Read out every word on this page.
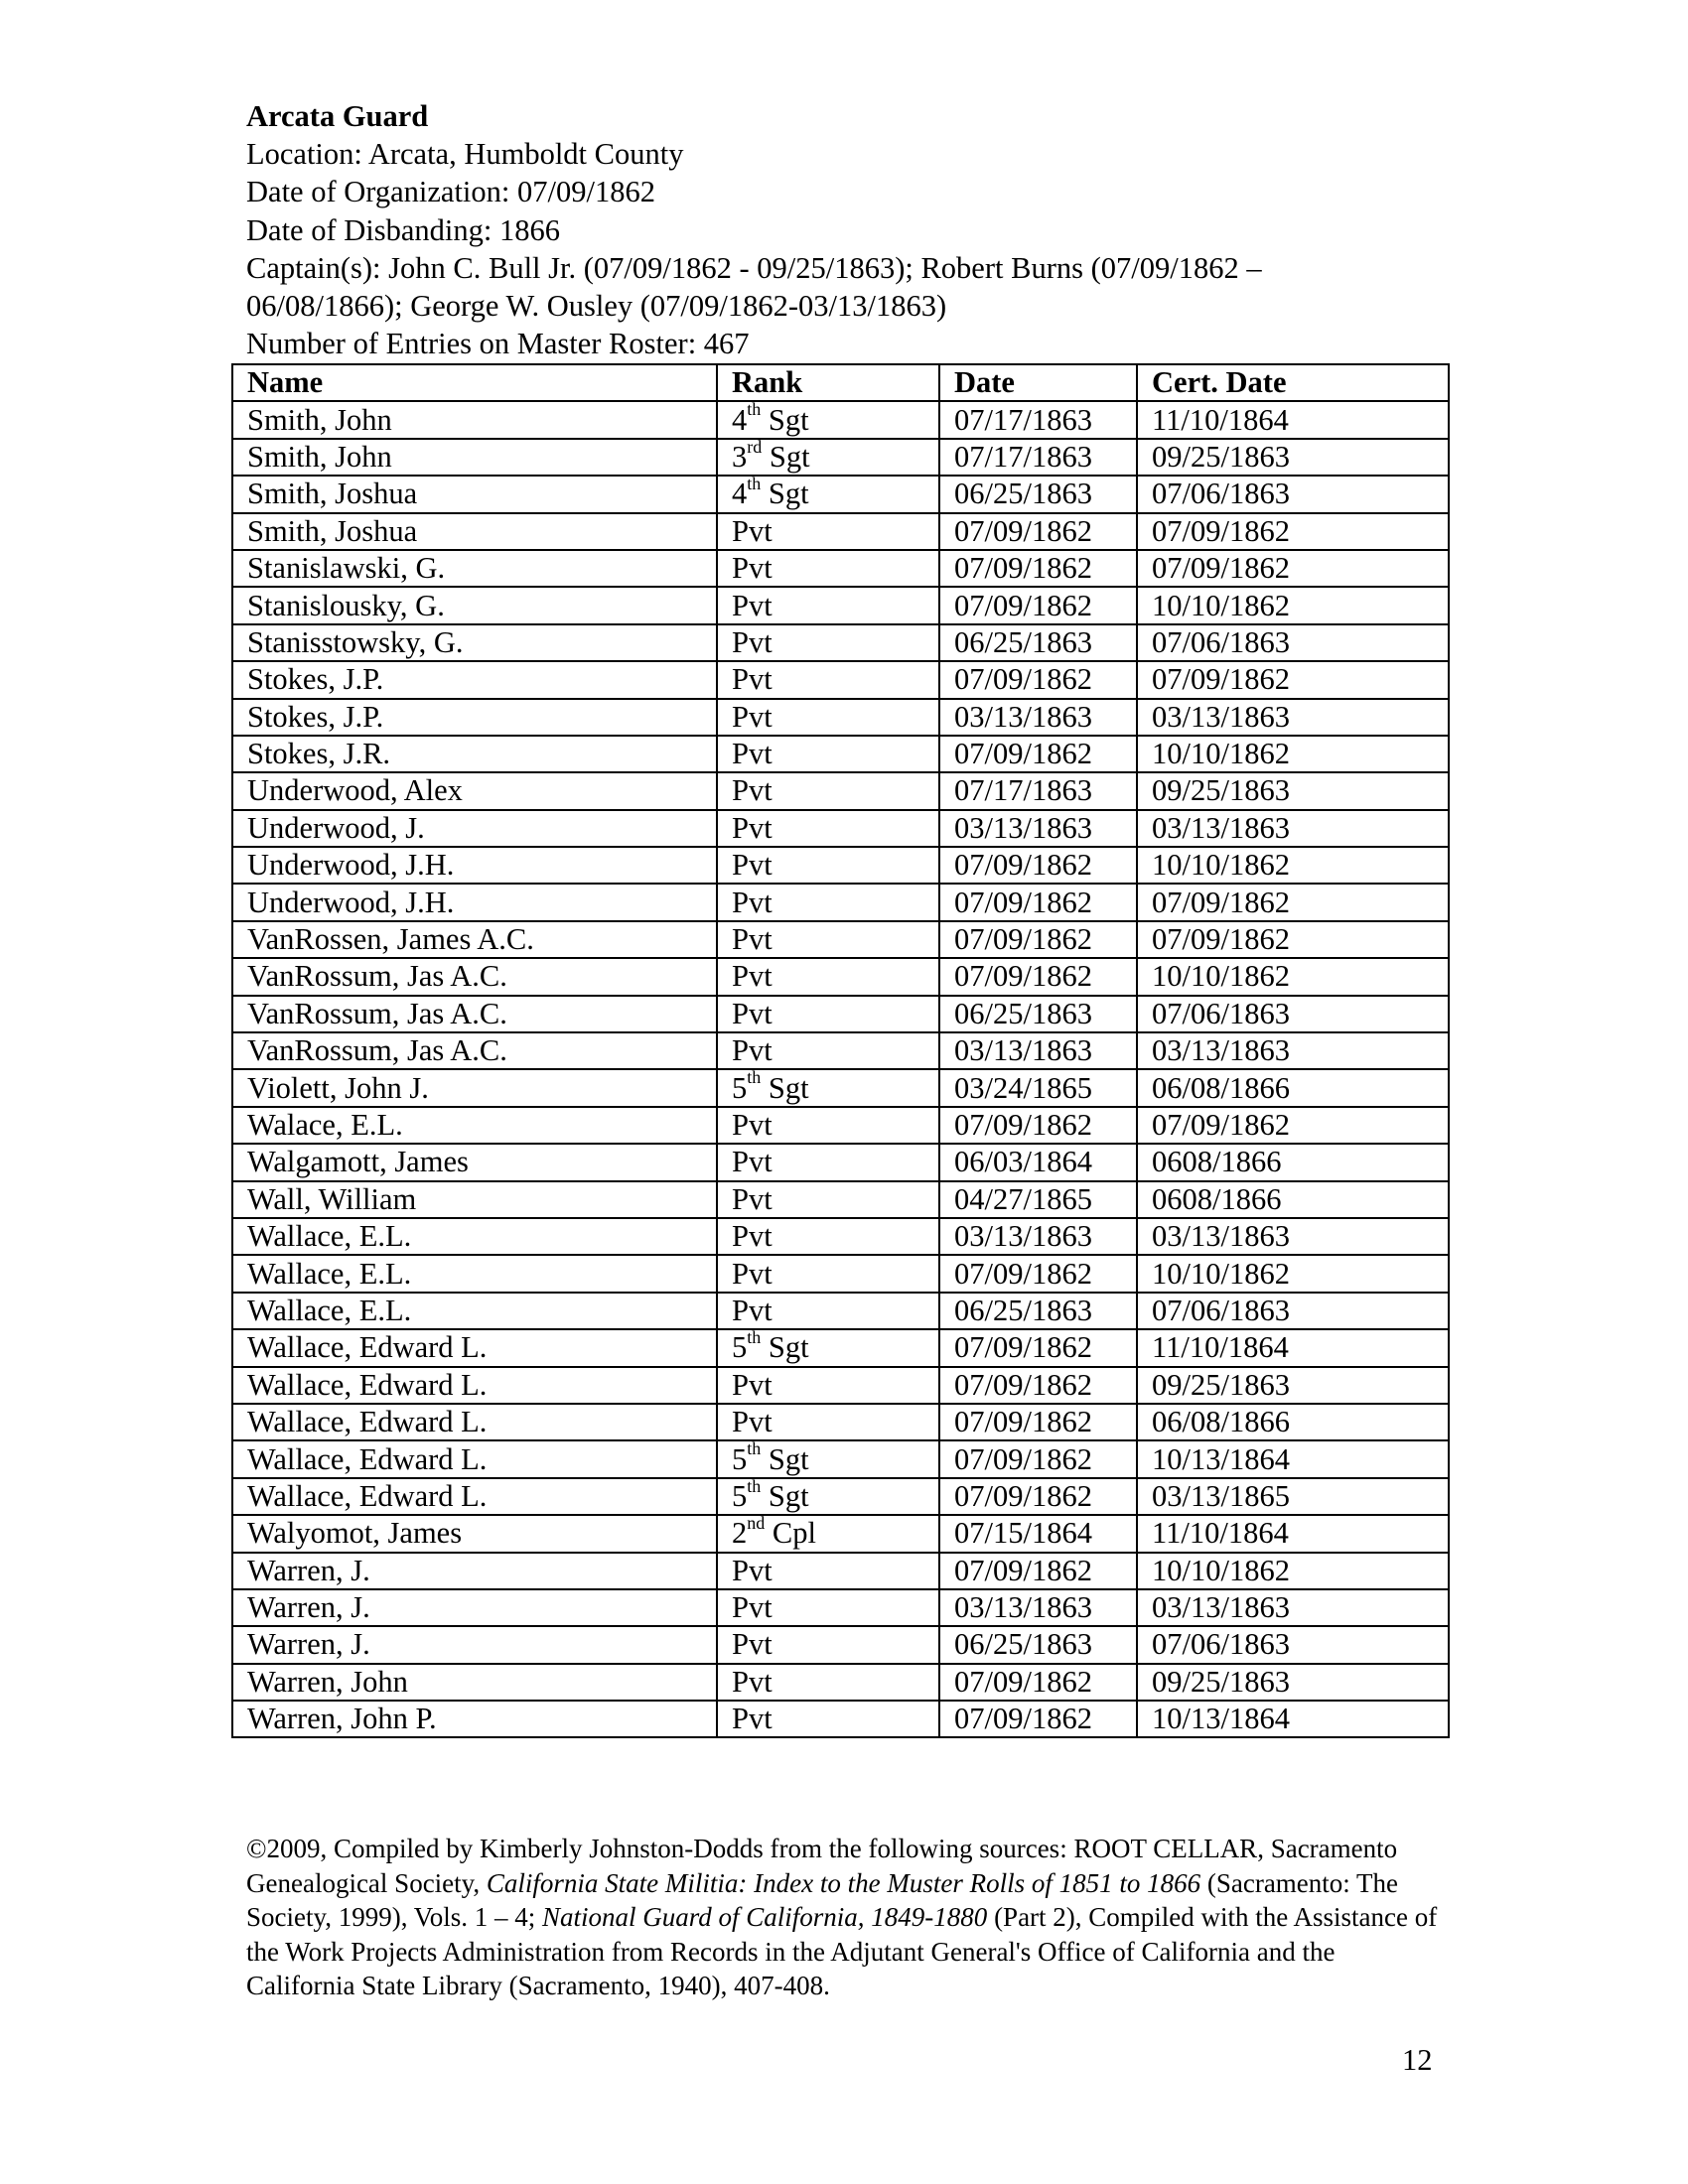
Arcata Guard
Location: Arcata, Humboldt County
Date of Organization: 07/09/1862
Date of Disbanding: 1866
Captain(s): John C. Bull Jr. (07/09/1862 - 09/25/1863); Robert Burns (07/09/1862 –
06/08/1866); George W. Ousley (07/09/1862-03/13/1863)
Number of Entries on Master Roster: 467
Name	Rank	Date	Cert. Date
Smith, John	4th Sgt	07/17/1863	11/10/1864
Smith, John	3rd Sgt	07/17/1863	09/25/1863
Smith, Joshua	4th Sgt	06/25/1863	07/06/1863
Smith, Joshua	Pvt	07/09/1862	07/09/1862
Stanislawski, G.	Pvt	07/09/1862	07/09/1862
Stanislousky, G.	Pvt	07/09/1862	10/10/1862
Stanisstowsky, G.	Pvt	06/25/1863	07/06/1863
Stokes, J.P.	Pvt	07/09/1862	07/09/1862
Stokes, J.P.	Pvt	03/13/1863	03/13/1863
Stokes, J.R.	Pvt	07/09/1862	10/10/1862
Underwood, Alex	Pvt	07/17/1863	09/25/1863
Underwood, J.	Pvt	03/13/1863	03/13/1863
Underwood, J.H.	Pvt	07/09/1862	10/10/1862
Underwood, J.H.	Pvt	07/09/1862	07/09/1862
VanRossen, James A.C.	Pvt	07/09/1862	07/09/1862
VanRossum, Jas A.C.	Pvt	07/09/1862	10/10/1862
VanRossum, Jas A.C.	Pvt	06/25/1863	07/06/1863
VanRossum, Jas A.C.	Pvt	03/13/1863	03/13/1863
Violett, John J.	5th Sgt	03/24/1865	06/08/1866
Walace, E.L.	Pvt	07/09/1862	07/09/1862
Walgamott, James	Pvt	06/03/1864	0608/1866
Wall, William	Pvt	04/27/1865	0608/1866
Wallace, E.L.	Pvt	03/13/1863	03/13/1863
Wallace, E.L.	Pvt	07/09/1862	10/10/1862
Wallace, E.L.	Pvt	06/25/1863	07/06/1863
Wallace, Edward L.	5th Sgt	07/09/1862	11/10/1864
Wallace, Edward L.	Pvt	07/09/1862	09/25/1863
Wallace, Edward L.	Pvt	07/09/1862	06/08/1866
Wallace, Edward L.	5th Sgt	07/09/1862	10/13/1864
Wallace, Edward L.	5th Sgt	07/09/1862	03/13/1865
Walyomot, James	2nd Cpl	07/15/1864	11/10/1864
Warren, J.	Pvt	07/09/1862	10/10/1862
Warren, J.	Pvt	03/13/1863	03/13/1863
Warren, J.	Pvt	06/25/1863	07/06/1863
Warren, John	Pvt	07/09/1862	09/25/1863
Warren, John P.	Pvt	07/09/1862	10/13/1864
©2009, Compiled by Kimberly Johnston-Dodds from the following sources: ROOT CELLAR, Sacramento Genealogical Society, California State Militia: Index to the Muster Rolls of 1851 to 1866 (Sacramento: The Society, 1999), Vols. 1 – 4; National Guard of California, 1849-1880 (Part 2), Compiled with the Assistance of the Work Projects Administration from Records in the Adjutant General's Office of California and the California State Library (Sacramento, 1940), 407-408.
12
